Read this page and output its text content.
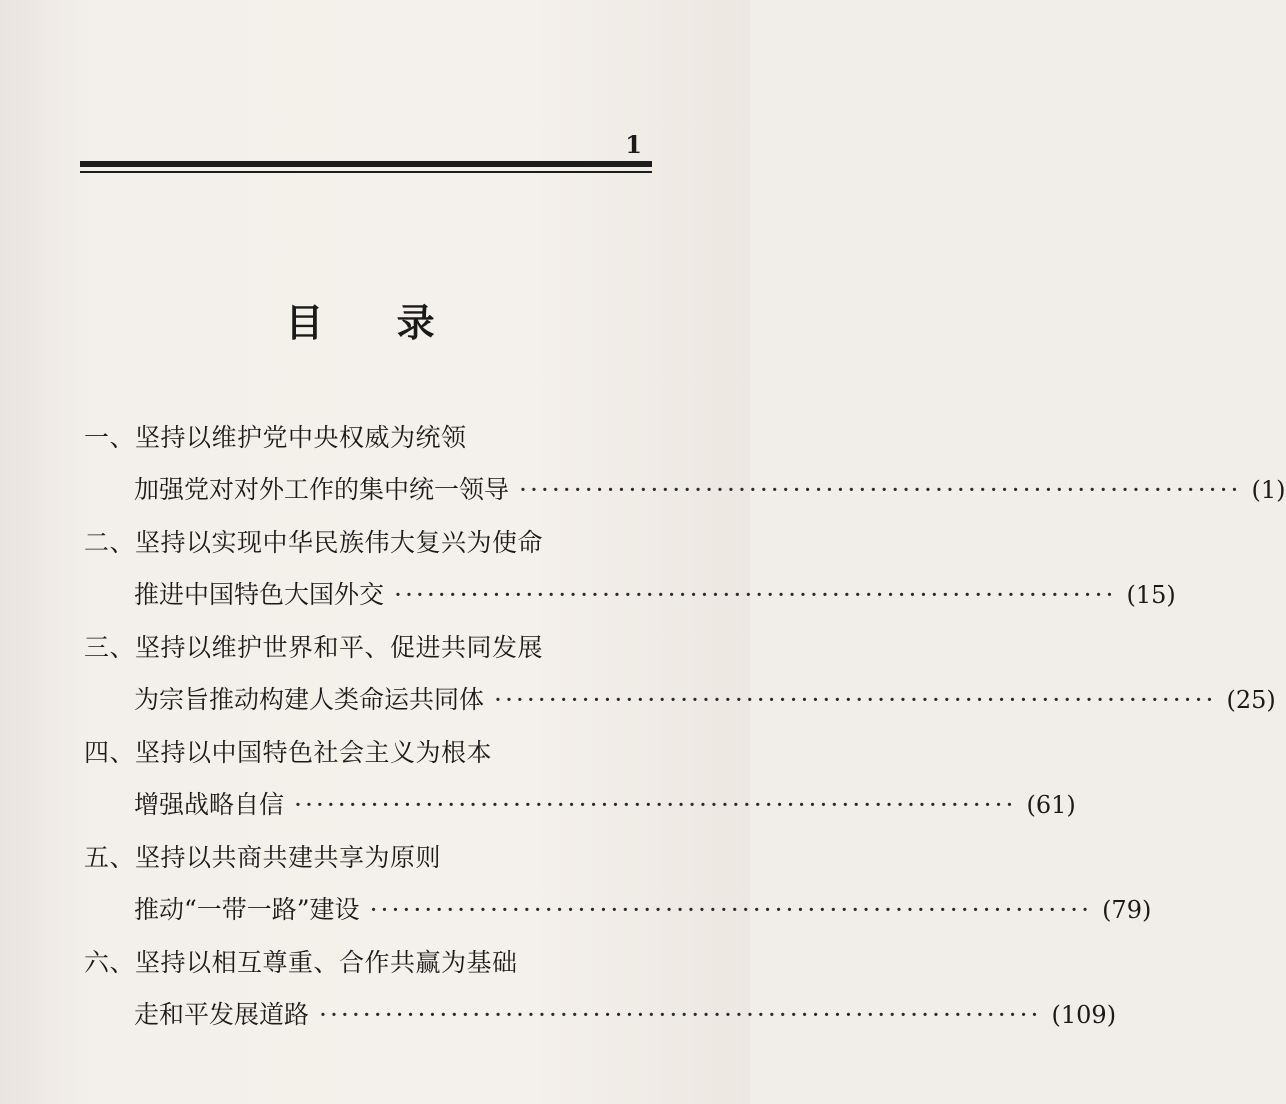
1
目 录
一、坚持以维护党中央权威为统领
加强党对对外工作的集中统一领导 ·································································· (1)
二、坚持以实现中华民族伟大复兴为使命
推进中国特色大国外交 ·································································· (15)
三、坚持以维护世界和平、促进共同发展
为宗旨推动构建人类命运共同体 ·································································· (25)
四、坚持以中国特色社会主义为根本
增强战略自信 ·································································· (61)
五、坚持以共商共建共享为原则
推动“一带一路”建设 ·································································· (79)
六、坚持以相互尊重、合作共赢为基础
走和平发展道路 ·································································· (109)
